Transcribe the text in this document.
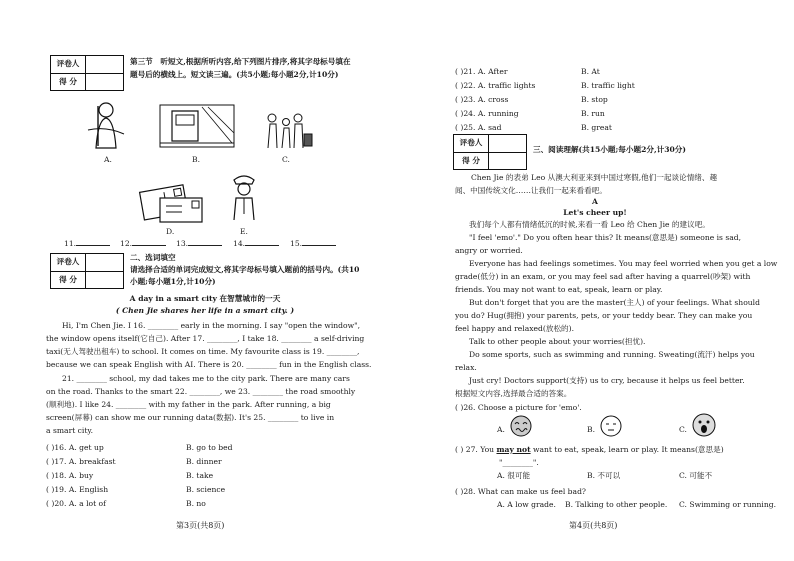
评卷人
得 分
第三节　听短文,根据所听内容,给下列图片排序,将其字母标号填在题号后的横线上。短文读三遍。(共5小题;每小题2分,计10分)
A.	B.	C.
D.	E.
11.	12.	13.	14.	15.
评卷人
得 分
二、选词填空
请选择合适的单词完成短文,将其字母标号填入题前的括号内。(共10小题;每小题1分,计10分)
A day in a smart city 在智慧城市的一天
( Chen Jie shares her life in a smart city. )
Hi, I'm Chen Jie. I 16. ________ early in the morning. I say "open the window",
the window opens itself(它自己). After 17. ________, I take 18. ________ a self-driving
taxi(无人驾驶出租车) to school. It comes on time. My favourite class is 19. ________,
because we can speak English with AI. There is 20. ________ fun in the English class.
21. ________ school, my dad takes me to the city park. There are many cars
on the road. Thanks to the smart 22. ________, we 23. ________ the road smoothly
(顺利地). I like 24. ________ with my father in the park. After running, a big
screen(屏幕) can show me our running data(数据). It's 25. ________ to live in
a smart city.
( )16. A. get up	B. go to bed
( )17. A. breakfast	B. dinner
( )18. A. buy	B. take
( )19. A. English	B. science
( )20. A. a lot of	B. no
第3页(共8页)
( )21. A. After	B. At
( )22. A. traffic lights	B. traffic light
( )23. A. cross	B. stop
( )24. A. running	B. run
( )25. A. sad	B. great
评卷人
得 分
三、阅读理解(共15小题;每小题2分,计30分)
Chen Jie 的表弟 Leo 从澳大利亚来到中国过寒假,他们一起谈论情绪、趣
闻、中国传统文化……让我们一起来看看吧。
A
Let's cheer up!
我们每个人都有情绪低沉的时候,来看一看 Leo 给 Chen Jie 的建议吧。
"I feel 'emo'." Do you often hear this? It means(意思是) someone is sad,
angry or worried.
Everyone has had feelings sometimes. You may feel worried when you get a low
grade(低分) in an exam, or you may feel sad after having a quarrel(吵架) with
friends. You may not want to eat, speak, learn or play.
But don't forget that you are the master(主人) of your feelings. What should
you do? Hug(拥抱) your parents, pets, or your teddy bear. They can make you
feel happy and relaxed(放松的).
Talk to other people about your worries(担忧).
Do some sports, such as swimming and running. Sweating(流汗) helps you
relax.
Just cry! Doctors support(支持) us to cry, because it helps us feel better.
根据短文内容,选择最合适的答案。
( )26. Choose a picture for 'emo'.
A.	B.	C.
( ) 27. You may not want to eat, speak, learn or play. It means(意思是)
"________".
A. 很可能	B. 不可以	C. 可能不
( )28. What can make us feel bad?
A. A low grade. B. Talking to other people. C. Swimming or running.
第4页(共8页)
